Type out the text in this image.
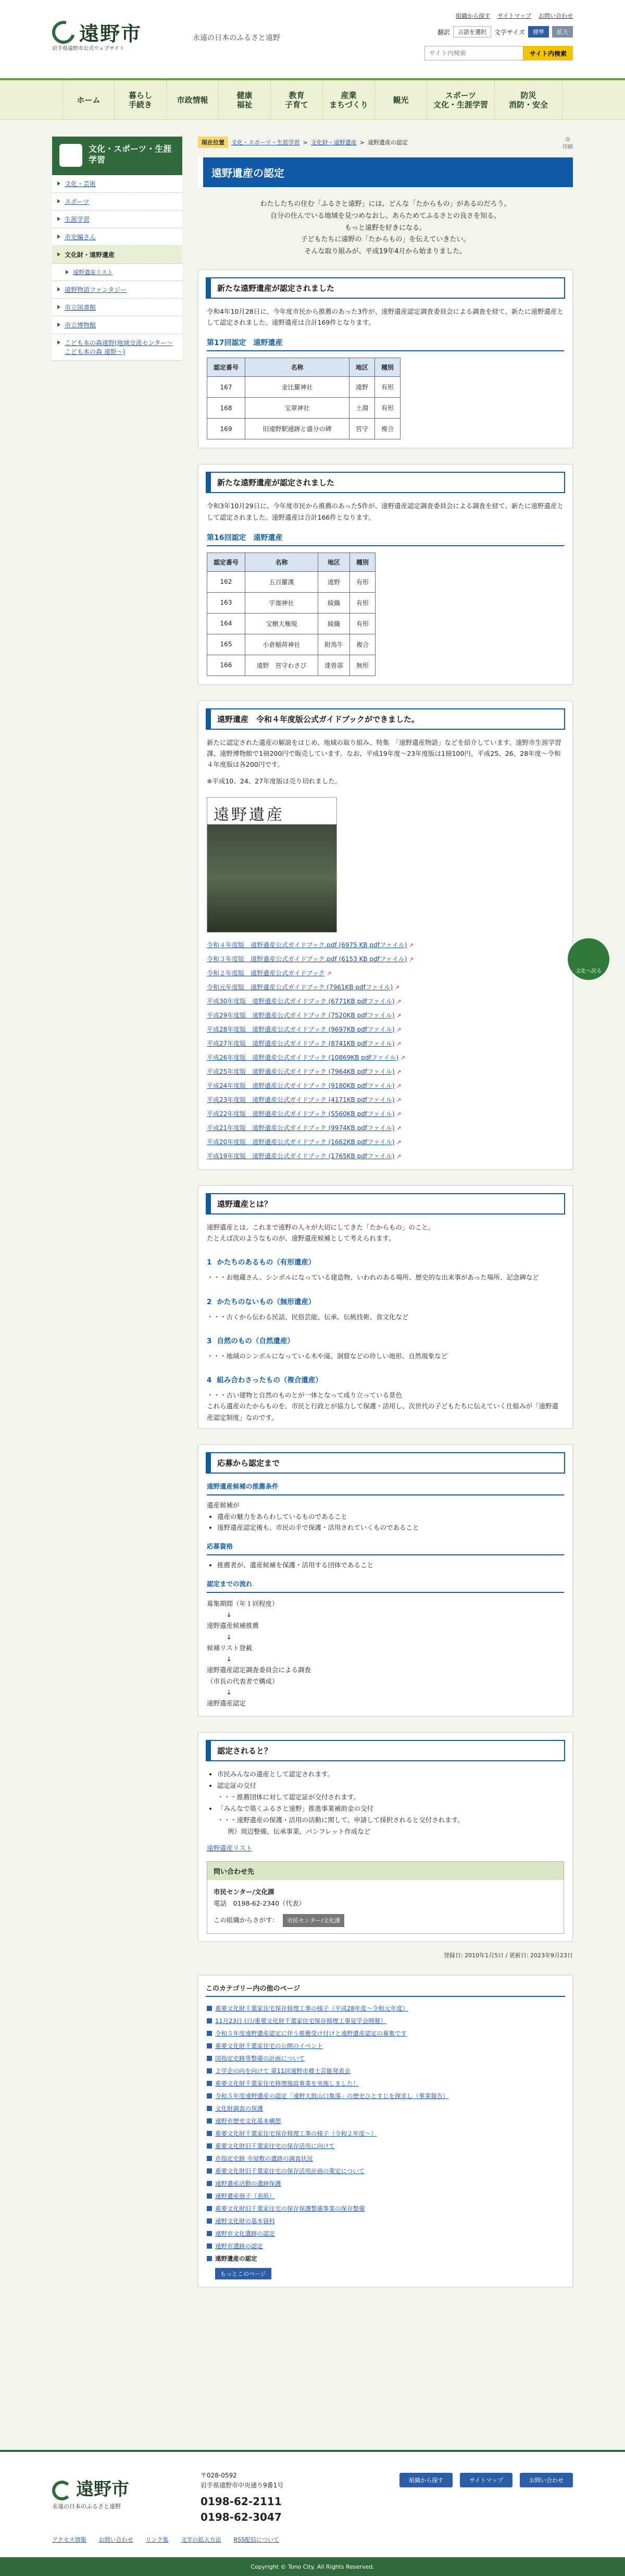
遠野市
岩手県遠野市公式ウェブサイト
永遠の日本のふるさと遠野
組織から探す サイトマップ お問い合わせ
翻訳	言語を選択	文字サイズ	標準	拡大
サイト内検索
サイト内検索
ホーム	暮らし
手続き	市政情報	健康
福祉
教育
子育て
産業
まちづくり	観光	スポーツ
文化・生涯学習
防災
消防・安全
文化・スポーツ・生涯学習
文化・芸術
スポーツ
生涯学習
市史編さん
文化財・遠野遺産
遠野遺産リスト
遠野物語ファンタジー
市立図書館
市立博物館
こども本の森遠野(地域交流センター〜こども本の森 遠野〜)
現在位置	文化・スポーツ・生涯学習 > 文化財・遠野遺産 > 遠野遺産の認定	⎙
印刷
遠野遺産の認定

わたしたちの住む「ふるさと遠野」には、どんな「たからもの」があるのだろう。
自分の住んでいる地域を見つめなおし、あらためてふるさとの良さを知る。
もっと遠野を好きになる。
子どもたちに遠野の「たからもの」を伝えていきたい。
そんな取り組みが、平成19年4月から始まりました。

新たな遠野遺産が認定されました

令和4年10月28日に、今年度市民から推薦のあった3件が、遠野遺産認定調査委員会による調査を経て、新たに遠野遺産として認定されました。遠野遺産は合計169件となります。

第17回認定　遠野遺産
認定番号	名称	地区	種別
167	金比羅神社	遠野	有形
168	宝翠神社	土淵	有形
169	旧遠野駅逓跡と盛分の碑	宮守	複合
新たな遠野遺産が認定されました

令和3年10月29日に、今年度市民から推薦のあった5件が、遠野遺産認定調査委員会による調査を経て、新たに遠野遺産として認定されました。遠野遺産は合計166件となります。

第16回認定　遠野遺産
認定番号	名称	地区	種別
162	五百羅漢	遠野	有形
163	宇迦神社	綾織	有形
164	宝樹大権現	綾織	有形
165	小倉稲荷神社	附馬牛	複合
166	遠野　宮守わさび	達曽部	無形
遠野遺産　令和４年度版公式ガイドブックができました。

新たに認定された遺産の解説をはじめ、地域の取り組み、特集　「遠野遺産物語」などを紹介しています。遠野市生涯学習課、遠野博物館で1冊200円で販売しています。なお、平成19年度〜23年度版は1冊100円、平成25、26、28年度〜令和４年度版は各200円です。

※平成10、24、27年度版は売り切れました。

遠野遺産
令和４年度版　遠野遺産公式ガイドブック.pdf (6975 KB pdfファイル) ↗
令和３年度版　遠野遺産公式ガイドブック.pdf (6153 KB pdfファイル) ↗
令和２年度版　遠野遺産公式ガイドブック ↗
令和元年度版　遠野遺産公式ガイドブック (7961KB pdfファイル) ↗
平成30年度版　遠野遺産公式ガイドブック (6771KB pdfファイル) ↗
平成29年度版　遠野遺産公式ガイドブック (7520KB pdfファイル) ↗
平成28年度版　遠野遺産公式ガイドブック (9697KB pdfファイル) ↗
平成27年度版　遠野遺産公式ガイドブック (8741KB pdfファイル) ↗
平成26年度版　遠野遺産公式ガイドブック (10869KB pdfファイル) ↗
平成25年度版　遠野遺産公式ガイドブック (7964KB pdfファイル) ↗
平成24年度版　遠野遺産公式ガイドブック (9180KB pdfファイル) ↗
平成23年度版　遠野遺産公式ガイドブック (4171KB pdfファイル) ↗
平成22年度版　遠野遺産公式ガイドブック (5560KB pdfファイル) ↗
平成21年度版　遠野遺産公式ガイドブック (9974KB pdfファイル) ↗
平成20年度版　遠野遺産公式ガイドブック (1662KB pdfファイル) ↗
平成19年度版　遠野遺産公式ガイドブック (1765KB pdfファイル) ↗
遠野遺産とは？

遠野遺産とは、これまで遠野の人々が大切にしてきた「たからもの」のこと。
たとえば次のようなものが、遠野遺産候補として考えられます。

1 かたちのあるもの（有形遺産）

・・・お地蔵さん、シンボルになっている建造物、いわれのある場所、歴史的な出来事があった場所、記念碑など

2 かたちのないもの（無形遺産）

・・・古くから伝わる民話、民俗芸能、伝承、伝統技術、食文化など

3 自然のもの（自然遺産）

・・・地域のシンボルになっている木や滝、洞窟などの珍しい地形、自然現象など

4 組み合わさったもの（複合遺産）

・・・古い建物と自然のものとが一体となって成り立っている景色
これら遺産のたからものを、市民と行政とが協力して保護・活用し、次世代の子どもたちに伝えていく仕組みが「遠野遺産認定制度」なのです。

応募から認定まで
遠野遺産候補の推薦条件

遺産候補が

• 遺産の魅力をあらわしているものであること
• 遠野遺産認定後も、市民の手で保護・活用されていくものであること
応募資格
• 推薦者が、遺産候補を保護・活用する団体であること
認定までの流れ
募集期間（年１回程度）
　　　↓
遠野遺産候補推薦
　　　↓
候補リスト登載
　　　↓
遠野遺産認定調査委員会による調査
（市長の代表者で構成）
　　　↓
遠野遺産認定
認定されると？
• 市民みんなの遺産として認定されます。
• 認定証の交付
・・・推薦団体に対して認定証が交付されます。
• 「みんなで築くふるさと遠野」推進事業補助金の交付
・・・遠野遺産の保護・活用の活動に関して、申請して採択されると交付されます。

例）周辺整備、伝承事業、パンフレット作成など

遠野遺産リスト

問い合わせ先
市民センター/文化課
電話　0198-62-2340（代表）
この組織からさがす： 市民センター/文化課
登録日: 2010年1月5日 / 更新日: 2023年9月23日
このカテゴリー内の他のページ
重要文化財千葉家住宅保存修理工事の様子（平成28年度〜令和元年度）
11月23日 (日/重要文化財千葉家住宅保存修理工事見学会開催）
令和５年度遠野遺産認定に伴う推薦受け付けと遠野遺産認定の募集です
重要文化財千葉家住宅の公開のイベント
国指定史跡等整備の計画について
２学企の向を向けて 第11回遠野市郷土芸能発表会
重要文化財千葉家住宅修理施設事業を実施しました！
令和５年度遠野遺産の認定「遠野太鼓山口集落」の歴史ひとすじを探求し（事業報告）
文化財調査の保護
遠野市歴史文化基本構想
重要文化財千葉家住宅保存修理工事の様子（令和２年度〜）
重要文化財旧千葉家住宅の保存活用に向けて
市指定史跡 寺屋敷の遺跡の調査状況
重要文化財旧千葉家住宅の保存活用計画の策定について
遠野遺産活動の遺跡保護
遠野遺産冊子（表紙）
重要文化財旧千葉家住宅の保存保護整備事業の保存整備
遠野文化財の基本資料
遠野市文化遺跡の認定
遠野市遺跡の認定
遠野遺産の認定
もっとこのページ
文化へ戻る
遠野市
永遠の日本のふるさと遠野
〒028-0592
岩手県遠野市中央通り9番1号
0198-62-2111
0198-62-3047
組織から探す	サイトマップ	お問い合わせ
アクセス情報 お問い合わせ リンク集 文字の拡大方法 RSS配信について
Copyright © Tono City. All Rights Reserved.
